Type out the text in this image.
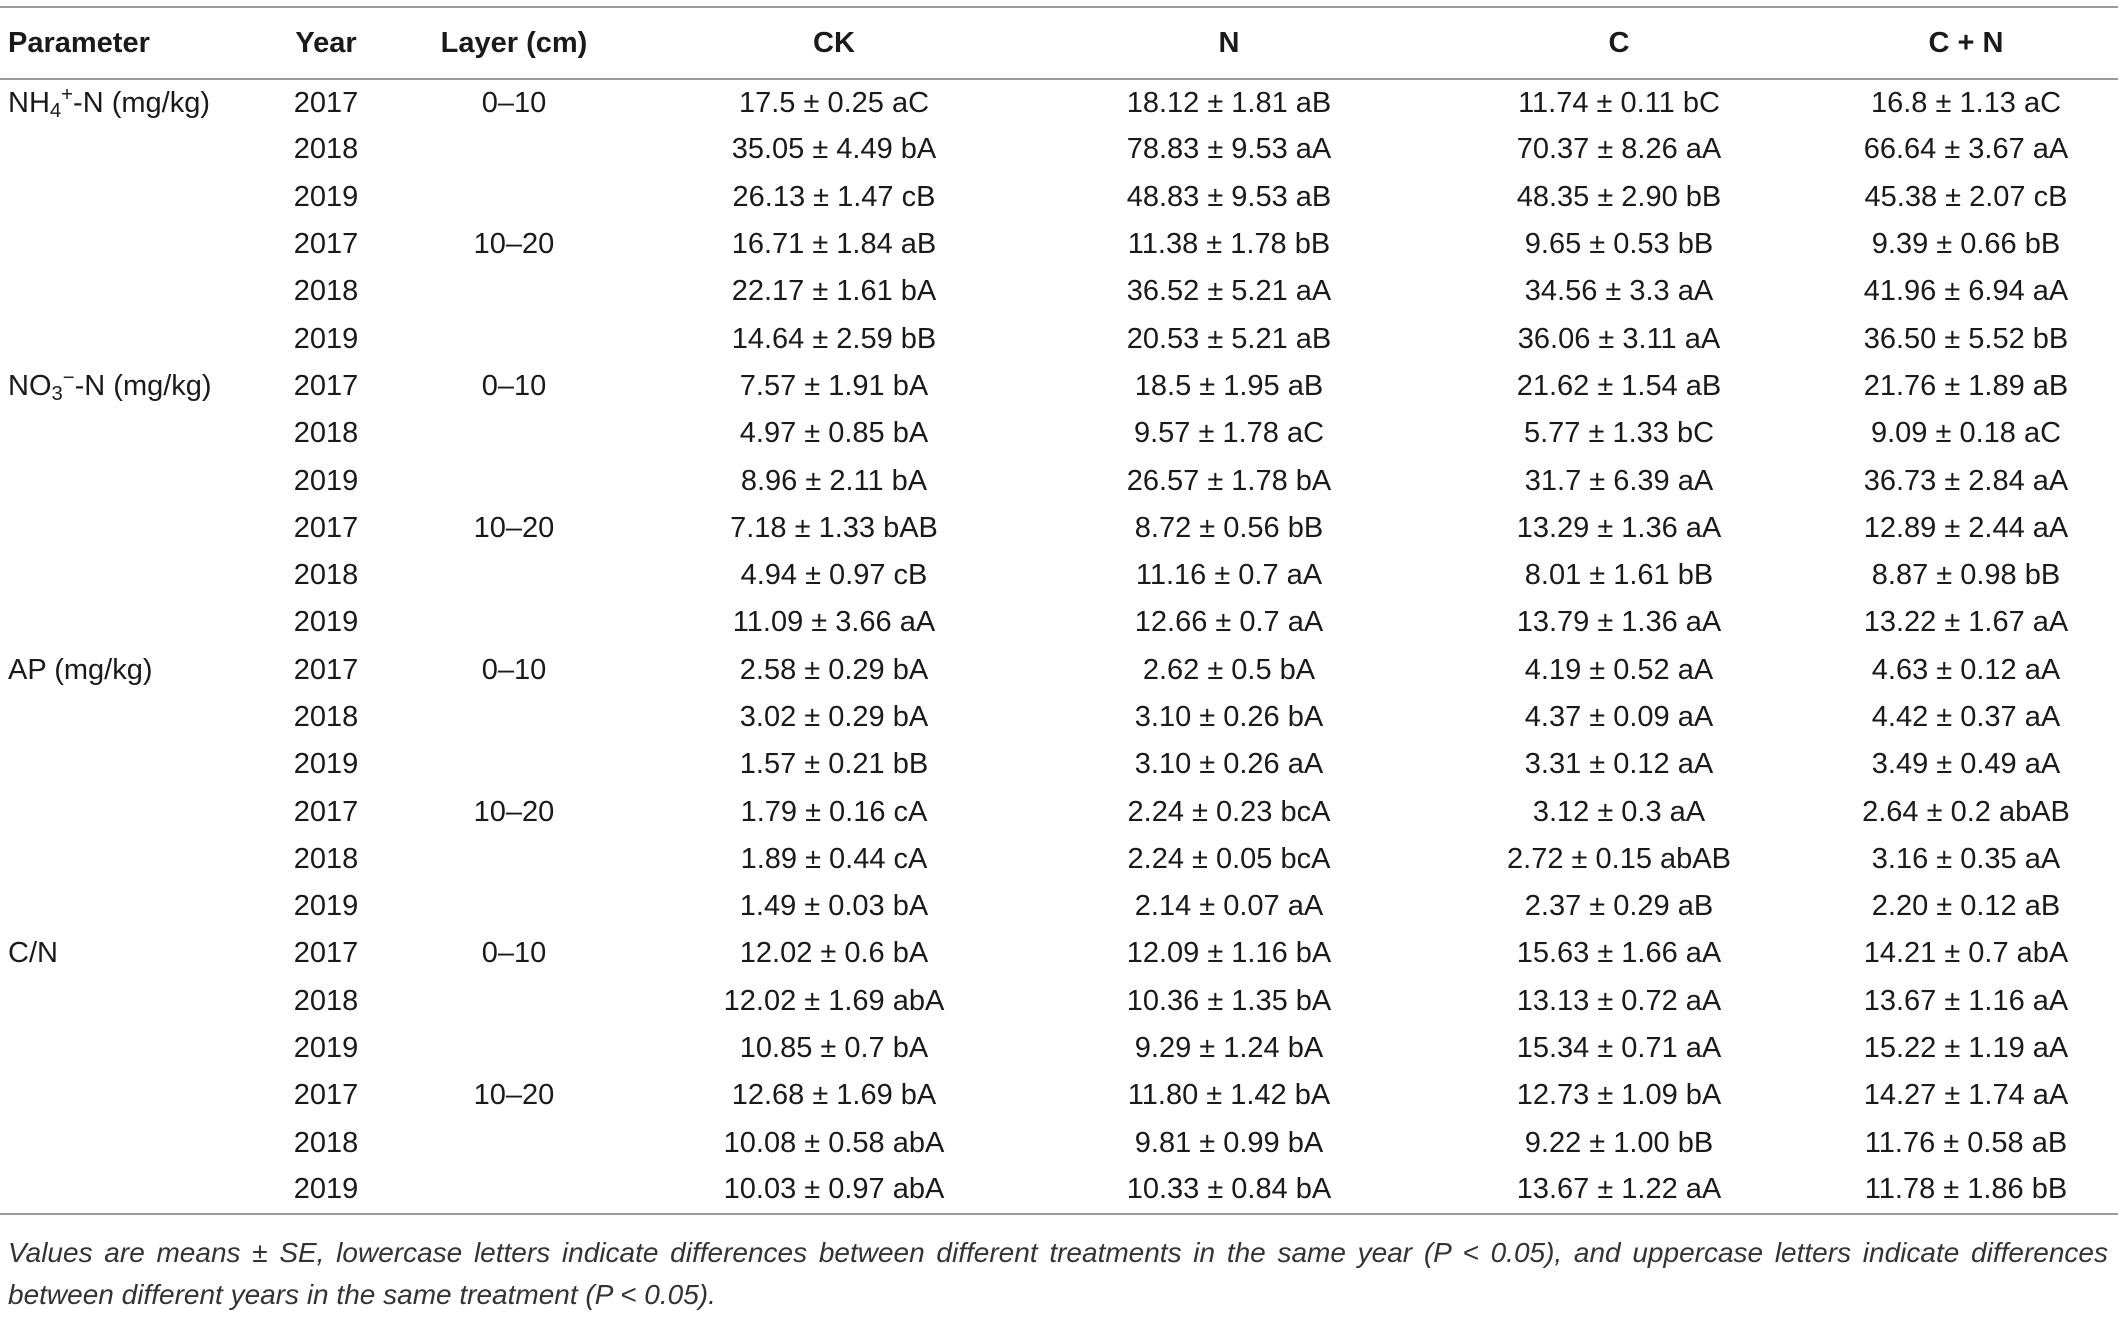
Parameter	Year	Layer (cm)	CK	N	C	C + N
$NH_4^+-N$ (mg/kg)	2017	0–10	17.5 ± 0.25 aC	18.12 ± 1.81 aB	11.74 ± 0.11 bC	16.8 ± 1.13 aC
	2018		35.05 ± 4.49 bA	78.83 ± 9.53 aA	70.37 ± 8.26 aA	66.64 ± 3.67 aA
	2019		26.13 ± 1.47 cB	48.83 ± 9.53 aB	48.35 ± 2.90 bB	45.38 ± 2.07 cB
	2017	10–20	16.71 ± 1.84 aB	11.38 ± 1.78 bB	9.65 ± 0.53 bB	9.39 ± 0.66 bB
	2018		22.17 ± 1.61 bA	36.52 ± 5.21 aA	34.56 ± 3.3 aA	41.96 ± 6.94 aA
	2019		14.64 ± 2.59 bB	20.53 ± 5.21 aB	36.06 ± 3.11 aA	36.50 ± 5.52 bB
$NO_3^--N$ (mg/kg)	2017	0–10	7.57 ± 1.91 bA	18.5 ± 1.95 aB	21.62 ± 1.54 aB	21.76 ± 1.89 aB
	2018		4.97 ± 0.85 bA	9.57 ± 1.78 aC	5.77 ± 1.33 bC	9.09 ± 0.18 aC
	2019		8.96 ± 2.11 bA	26.57 ± 1.78 bA	31.7 ± 6.39 aA	36.73 ± 2.84 aA
	2017	10–20	7.18 ± 1.33 bAB	8.72 ± 0.56 bB	13.29 ± 1.36 aA	12.89 ± 2.44 aA
	2018		4.94 ± 0.97 cB	11.16 ± 0.7 aA	8.01 ± 1.61 bB	8.87 ± 0.98 bB
	2019		11.09 ± 3.66 aA	12.66 ± 0.7 aA	13.79 ± 1.36 aA	13.22 ± 1.67 aA
AP (mg/kg)	2017	0–10	2.58 ± 0.29 bA	2.62 ± 0.5 bA	4.19 ± 0.52 aA	4.63 ± 0.12 aA
	2018		3.02 ± 0.29 bA	3.10 ± 0.26 bA	4.37 ± 0.09 aA	4.42 ± 0.37 aA
	2019		1.57 ± 0.21 bB	3.10 ± 0.26 aA	3.31 ± 0.12 aA	3.49 ± 0.49 aA
	2017	10–20	1.79 ± 0.16 cA	2.24 ± 0.23 bcA	3.12 ± 0.3 aA	2.64 ± 0.2 abAB
	2018		1.89 ± 0.44 cA	2.24 ± 0.05 bcA	2.72 ± 0.15 abAB	3.16 ± 0.35 aA
	2019		1.49 ± 0.03 bA	2.14 ± 0.07 aA	2.37 ± 0.29 aB	2.20 ± 0.12 aB
C/N	2017	0–10	12.02 ± 0.6 bA	12.09 ± 1.16 bA	15.63 ± 1.66 aA	14.21 ± 0.7 abA
	2018		12.02 ± 1.69 abA	10.36 ± 1.35 bA	13.13 ± 0.72 aA	13.67 ± 1.16 aA
	2019		10.85 ± 0.7 bA	9.29 ± 1.24 bA	15.34 ± 0.71 aA	15.22 ± 1.19 aA
	2017	10–20	12.68 ± 1.69 bA	11.80 ± 1.42 bA	12.73 ± 1.09 bA	14.27 ± 1.74 aA
	2018		10.08 ± 0.58 abA	9.81 ± 0.99 bA	9.22 ± 1.00 bB	11.76 ± 0.58 aB
	2019		10.03 ± 0.97 abA	10.33 ± 0.84 bA	13.67 ± 1.22 aA	11.78 ± 1.86 bB
Values are means ± SE, lowercase letters indicate differences between different treatments in the same year (P < 0.05), and uppercase letters indicate differences between different years in the same treatment (P < 0.05).
